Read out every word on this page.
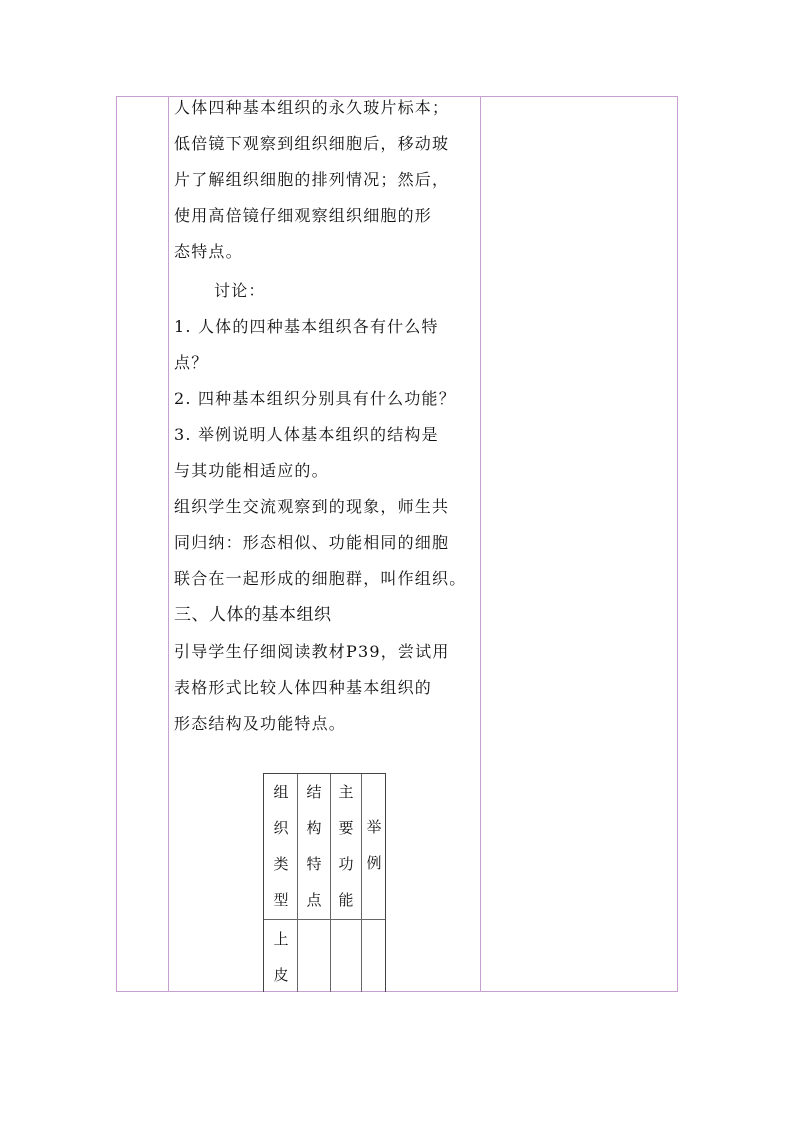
人体四种基本组织的永久玻片标本；
低倍镜下观察到组织细胞后，移动玻
片了解组织细胞的排列情况；然后，
使用高倍镜仔细观察组织细胞的形
态特点。
讨论：
1. 人体的四种基本组织各有什么特
点？
2. 四种基本组织分别具有什么功能？
3. 举例说明人体基本组织的结构是
与其功能相适应的。
组织学生交流观察到的现象，师生共
同归纳：形态相似、功能相同的细胞
联合在一起形成的细胞群，叫作组织。
三、人体的基本组织
引导学生仔细阅读教材P39，尝试用
表格形式比较人体四种基本组织的
形态结构及功能特点。
组织类型
结构特点
主要功能
举例
上皮
